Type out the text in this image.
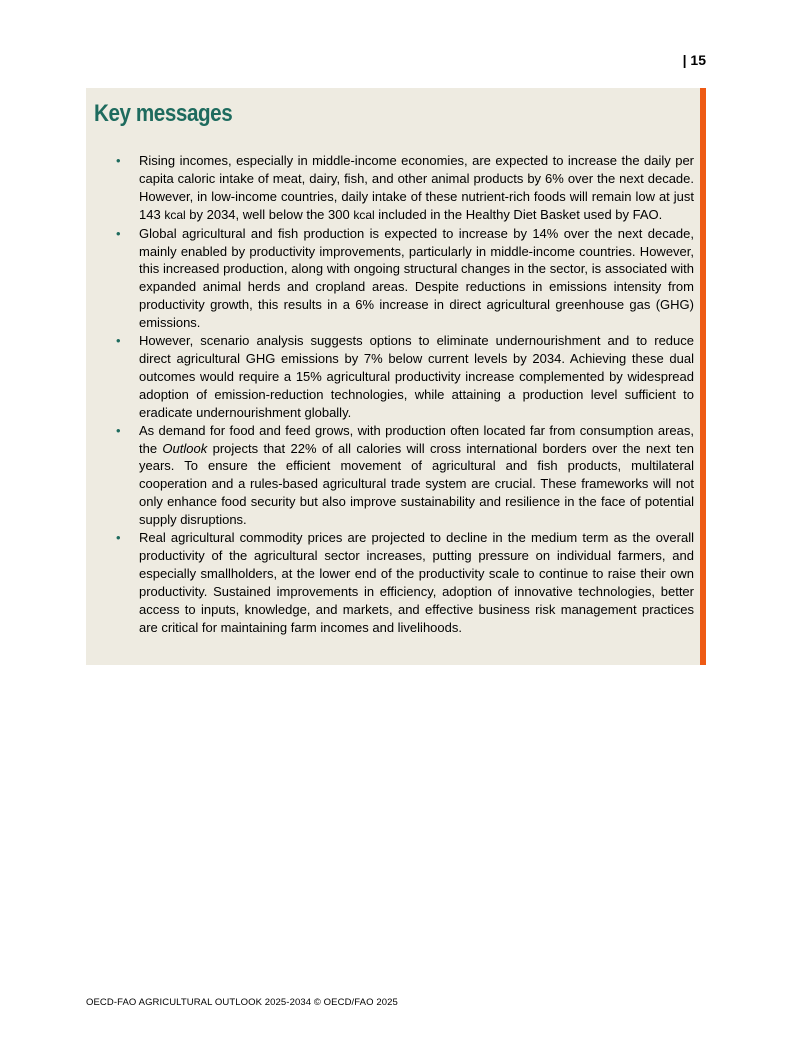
| 15
Key messages
• Rising incomes, especially in middle-income economies, are expected to increase the daily per capita caloric intake of meat, dairy, fish, and other animal products by 6% over the next decade. However, in low-income countries, daily intake of these nutrient-rich foods will remain low at just 143 kcal by 2034, well below the 300 kcal included in the Healthy Diet Basket used by FAO.
• Global agricultural and fish production is expected to increase by 14% over the next decade, mainly enabled by productivity improvements, particularly in middle-income countries. However, this increased production, along with ongoing structural changes in the sector, is associated with expanded animal herds and cropland areas. Despite reductions in emissions intensity from productivity growth, this results in a 6% increase in direct agricultural greenhouse gas (GHG) emissions.
• However, scenario analysis suggests options to eliminate undernourishment and to reduce direct agricultural GHG emissions by 7% below current levels by 2034. Achieving these dual outcomes would require a 15% agricultural productivity increase complemented by widespread adoption of emission-reduction technologies, while attaining a production level sufficient to eradicate undernourishment globally.
• As demand for food and feed grows, with production often located far from consumption areas, the Outlook projects that 22% of all calories will cross international borders over the next ten years. To ensure the efficient movement of agricultural and fish products, multilateral cooperation and a rules-based agricultural trade system are crucial. These frameworks will not only enhance food security but also improve sustainability and resilience in the face of potential supply disruptions.
• Real agricultural commodity prices are projected to decline in the medium term as the overall productivity of the agricultural sector increases, putting pressure on individual farmers, and especially smallholders, at the lower end of the productivity scale to continue to raise their own productivity. Sustained improvements in efficiency, adoption of innovative technologies, better access to inputs, knowledge, and markets, and effective business risk management practices are critical for maintaining farm incomes and livelihoods.
OECD-FAO AGRICULTURAL OUTLOOK 2025-2034 © OECD/FAO 2025
